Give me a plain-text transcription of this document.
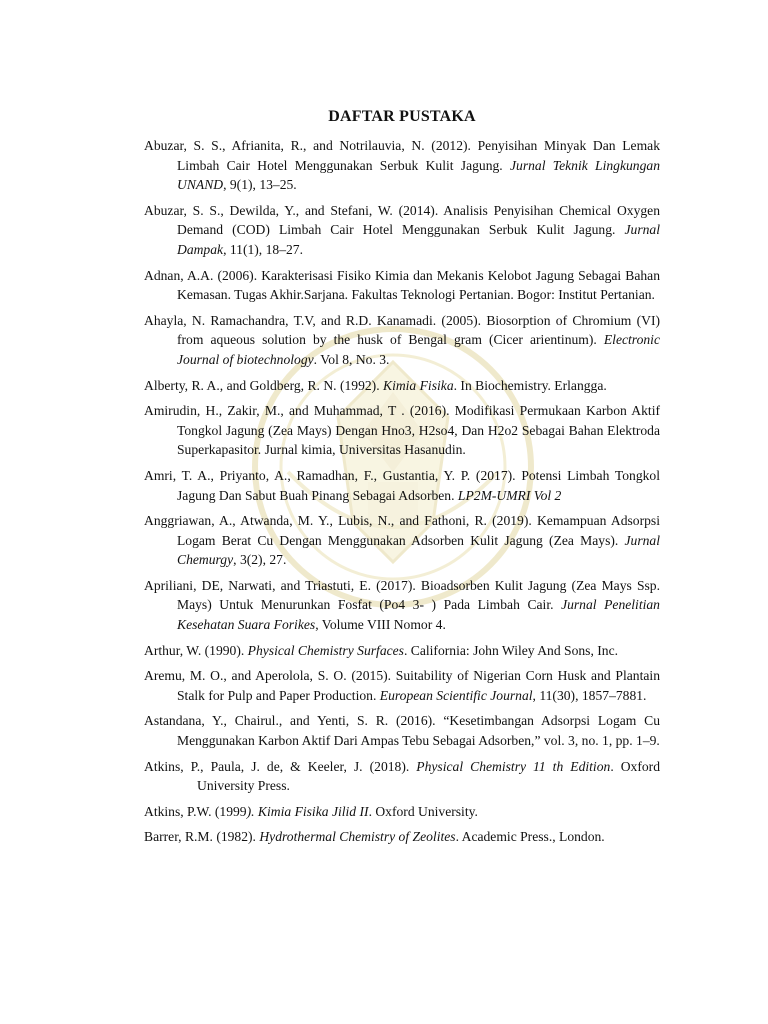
DAFTAR PUSTAKA

Abuzar, S. S., Afrianita, R., and Notrilauvia, N. (2012). Penyisihan Minyak Dan Lemak Limbah Cair Hotel Menggunakan Serbuk Kulit Jagung. Jurnal Teknik Lingkungan UNAND, 9(1), 13–25.

Abuzar, S. S., Dewilda, Y., and Stefani, W. (2014). Analisis Penyisihan Chemical Oxygen Demand (COD) Limbah Cair Hotel Menggunakan Serbuk Kulit Jagung. Jurnal Dampak, 11(1), 18–27.

Adnan, A.A. (2006). Karakterisasi Fisiko Kimia dan Mekanis Kelobot Jagung Sebagai Bahan Kemasan. Tugas Akhir.Sarjana. Fakultas Teknologi Pertanian. Bogor: Institut Pertanian.

Ahayla, N. Ramachandra, T.V, and R.D. Kanamadi. (2005). Biosorption of Chromium (VI) from aqueous solution by the husk of Bengal gram (Cicer arientinum). Electronic Journal of biotechnology. Vol 8, No. 3.

Alberty, R. A., and Goldberg, R. N. (1992). Kimia Fisika. In Biochemistry. Erlangga.

Amirudin, H., Zakir, M., and Muhammad, T . (2016). Modifikasi Permukaan Karbon Aktif Tongkol Jagung (Zea Mays) Dengan Hno3, H2so4, Dan H2o2 Sebagai Bahan Elektroda Superkapasitor. Jurnal kimia, Universitas Hasanudin.

Amri, T. A., Priyanto, A., Ramadhan, F., Gustantia, Y. P. (2017). Potensi Limbah Tongkol Jagung Dan Sabut Buah Pinang Sebagai Adsorben. LP2M-UMRI Vol 2

Anggriawan, A., Atwanda, M. Y., Lubis, N., and Fathoni, R. (2019). Kemampuan Adsorpsi Logam Berat Cu Dengan Menggunakan Adsorben Kulit Jagung (Zea Mays). Jurnal Chemurgy, 3(2), 27.

Apriliani, DE, Narwati, and Triastuti, E. (2017). Bioadsorben Kulit Jagung (Zea Mays Ssp. Mays) Untuk Menurunkan Fosfat (Po4 3- ) Pada Limbah Cair. Jurnal Penelitian Kesehatan Suara Forikes, Volume VIII Nomor 4.

Arthur, W. (1990). Physical Chemistry Surfaces. California: John Wiley And Sons, Inc.

Aremu, M. O., and Aperolola, S. O. (2015). Suitability of Nigerian Corn Husk and Plantain Stalk for Pulp and Paper Production. European Scientific Journal, 11(30), 1857–7881.

Astandana, Y., Chairul., and Yenti, S. R. (2016). “Kesetimbangan Adsorpsi Logam Cu Menggunakan Karbon Aktif Dari Ampas Tebu Sebagai Adsorben,” vol. 3, no. 1, pp. 1–9.

Atkins, P., Paula, J. de, & Keeler, J. (2018). Physical Chemistry 11 th Edition. Oxford University Press.

Atkins, P.W. (1999). Kimia Fisika Jilid II. Oxford University.

Barrer, R.M. (1982). Hydrothermal Chemistry of Zeolites. Academic Press., London.
